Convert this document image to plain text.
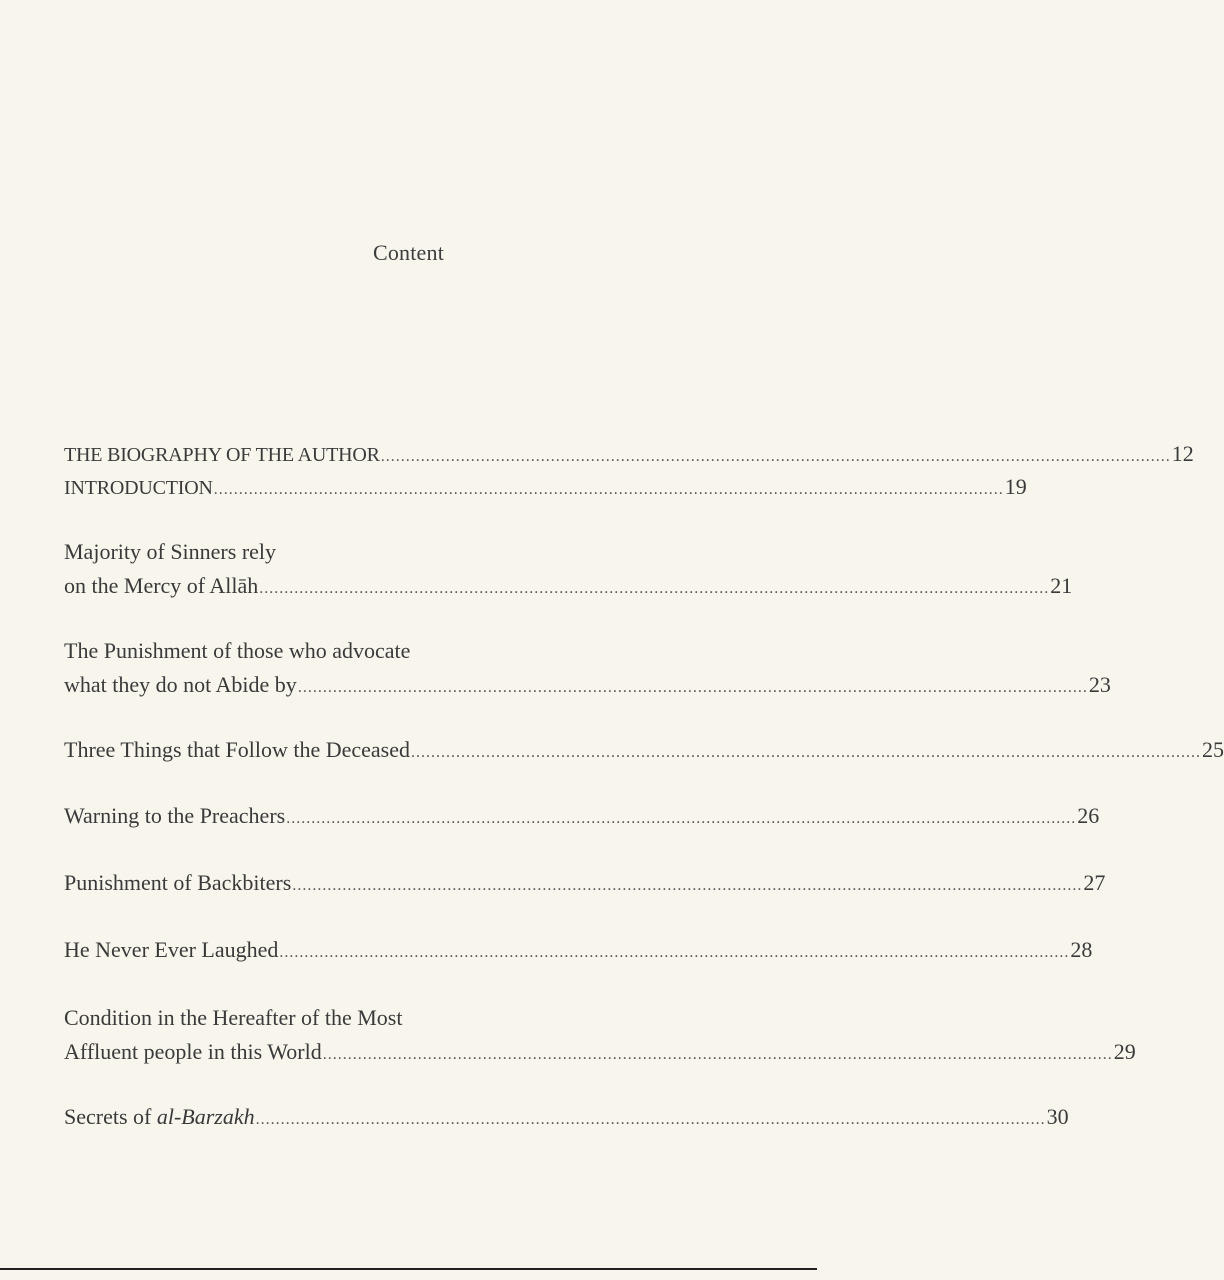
Content
THE BIOGRAPHY OF THE AUTHOR .............................................................................................................................................................. 12
INTRODUCTION .............................................................................................................................................................. 19
Majority of Sinners rely
on the Mercy of Allāh .............................................................................................................................................................. 21
The Punishment of those who advocate
what they do not Abide by .............................................................................................................................................................. 23
Three Things that Follow the Deceased .............................................................................................................................................................. 25
Warning to the Preachers .............................................................................................................................................................. 26
Punishment of Backbiters .............................................................................................................................................................. 27
He Never Ever Laughed .............................................................................................................................................................. 28
Condition in the Hereafter of the Most
Affluent people in this World .............................................................................................................................................................. 29
Secrets of al-Barzakh .............................................................................................................................................................. 30
